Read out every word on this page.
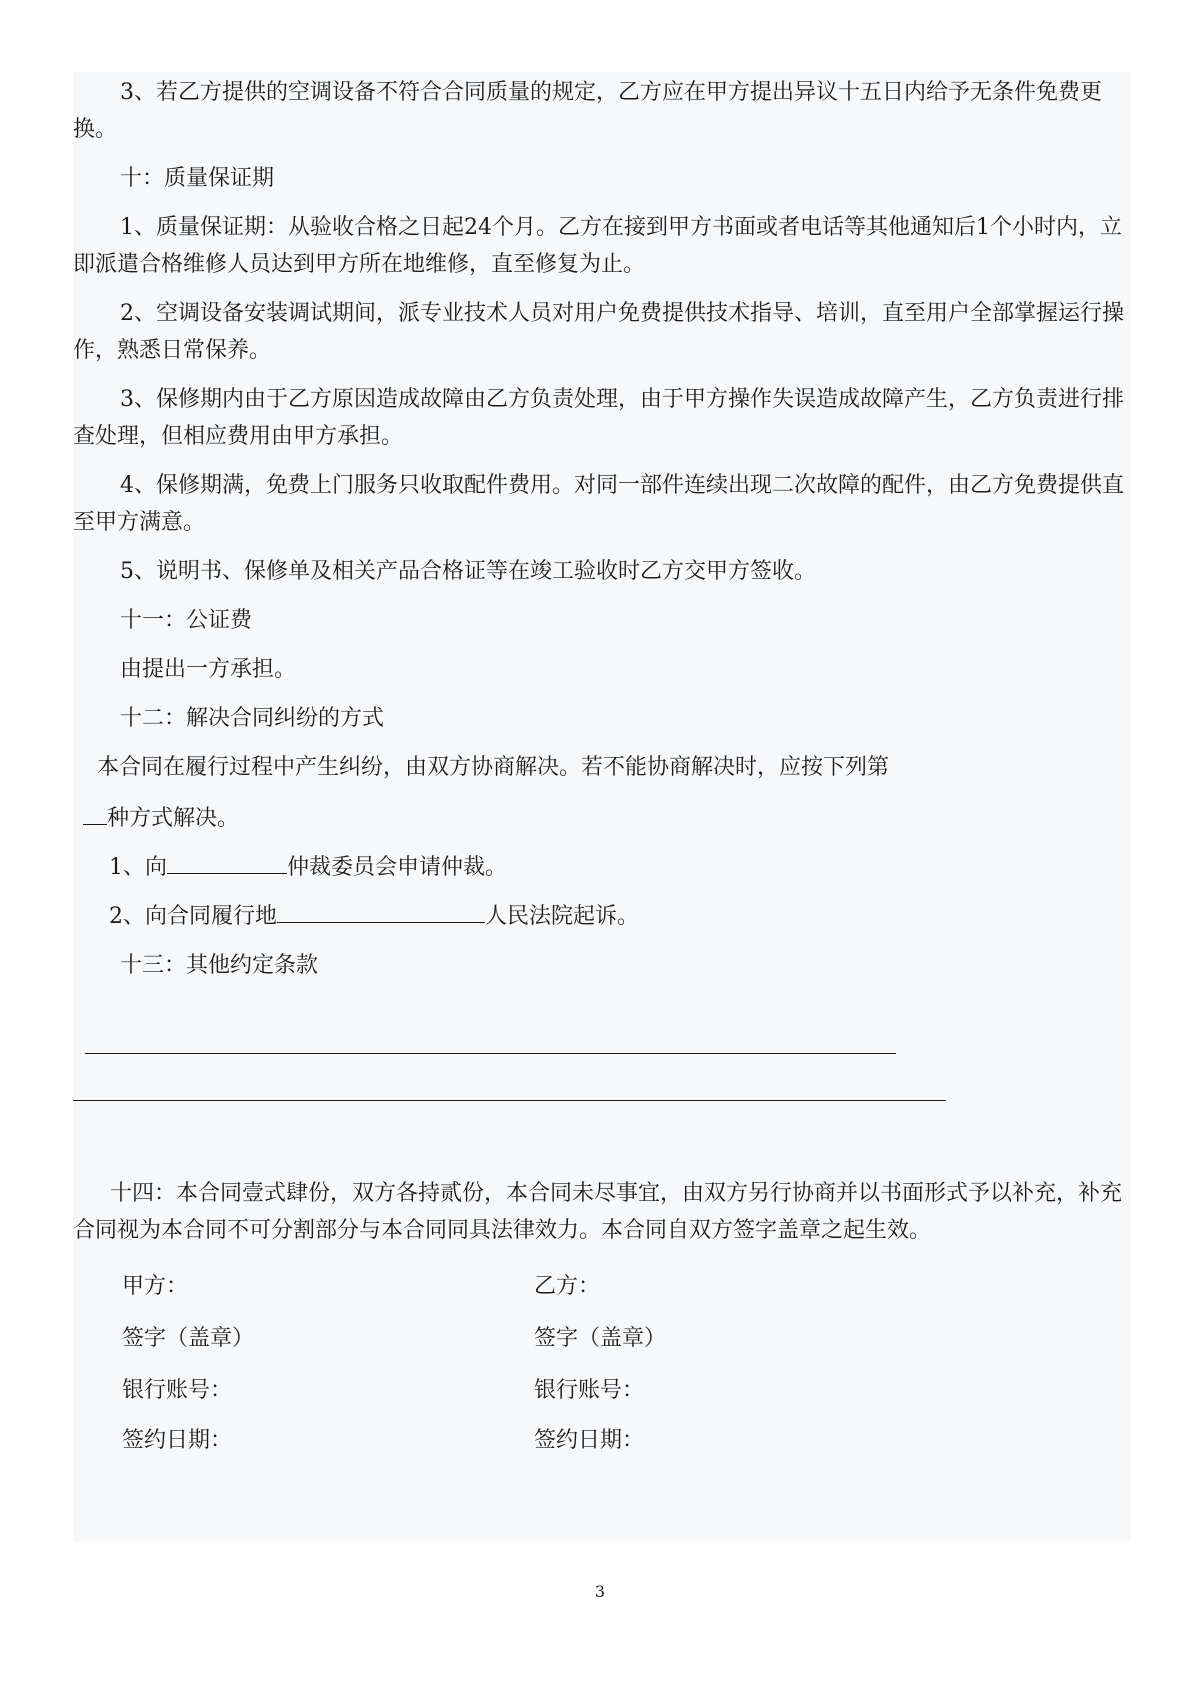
3、若乙方提供的空调设备不符合合同质量的规定，乙方应在甲方提出异议十五日内给予无条件免费更换。

十：质量保证期

1、质量保证期：从验收合格之日起24个月。乙方在接到甲方书面或者电话等其他通知后1个小时内，立即派遣合格维修人员达到甲方所在地维修，直至修复为止。

2、空调设备安装调试期间，派专业技术人员对用户免费提供技术指导、培训，直至用户全部掌握运行操作，熟悉日常保养。

3、保修期内由于乙方原因造成故障由乙方负责处理，由于甲方操作失误造成故障产生，乙方负责进行排查处理，但相应费用由甲方承担。

4、保修期满，免费上门服务只收取配件费用。对同一部件连续出现二次故障的配件，由乙方免费提供直至甲方满意。

5、说明书、保修单及相关产品合格证等在竣工验收时乙方交甲方签收。

十一：公证费

由提出一方承担。

十二：解决合同纠纷的方式

本合同在履行过程中产生纠纷，由双方协商解决。若不能协商解决时，应按下列第

种方式解决。

1、向	仲裁委员会申请仲裁。

2、向合同履行地	人民法院起诉。

十三：其他约定条款

十四：本合同壹式肆份，双方各持贰份，本合同未尽事宜，由双方另行协商并以书面形式予以补充，补充合同视为本合同不可分割部分与本合同同具法律效力。本合同自双方签字盖章之起生效。

甲方：	乙方：
签字（盖章）	签字（盖章）
银行账号：	银行账号：
签约日期：	签约日期：
3
